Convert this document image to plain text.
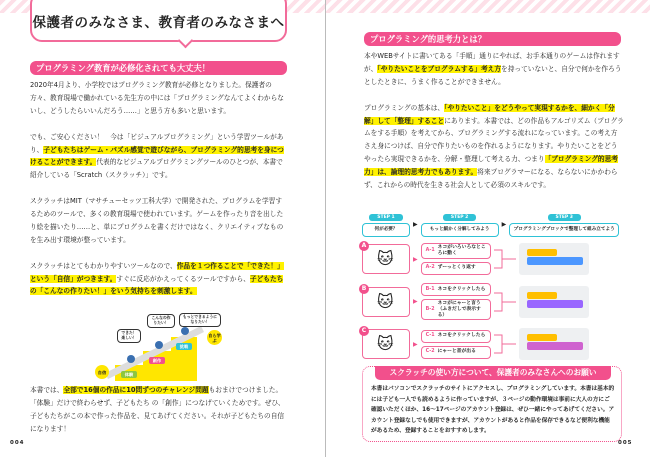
保護者のみなさま、教育者のみなさまへ
プログラミング教育が必修化されても大丈夫！

2020年4月より、小学校ではプログラミング教育が必修となりました。保護者の方々、教育現場で働かれている先生方の中には「プログラミングなんてよくわからないし、どうしたらいいんだろう……」と思う方も多いと思います。

でも、ご安心ください！　今は「ビジュアルプログラミング」という学習ツールがあり、子どもたちはゲーム・パズル感覚で遊びながら、プログラミング的思考を身につけることができます。代表的なビジュアルプログラミングツールのひとつが、本書で紹介している「Scratch（スクラッチ）」です。

スクラッチはMIT（マサチューセッツ工科大学）で開発された、プログラムを学習するためのツールで、多くの教育現場で使われています。ゲームを作ったり音を出したり絵を描いたり……と、単にプログラムを書くだけではなく、クリエイティブなものを生み出す環境が整っています。

スクラッチはとてもわかりやすいツールなので、作品を１つ作ることで「できた！」という「自信」がつきます。すぐに反応がかえってくるツールですから、子どもたちの「こんなの作りたい！」をいう気持ちを刺激します。

できた！楽しい！
こんなの作りたい！
もっとできるようになりたい！
体験
創作
挑戦
自信
自ら学ぶ

本書では、全部で16個の作品に10問ずつのチャレンジ問題もおまけでつけました。「体験」だけで終わらせず、子どもたち の「創作」につなげていくためです。ぜひ、子どもたちがこの本で作った作品を、見てあげてください。それが子どもたちの自信になります！

004
プログラミング的思考力とは？

本やWEBサイトに書いてある「手順」通りにやれば、お手本通りのゲームは作れますが、「やりたいことをプログラムする」考え方を持っていないと、自分で何かを作ろうとしたときに、うまく作ることができません。

プログラミングの基本は、「やりたいこと」をどうやって実現するかを、細かく「分解」して「整理」することにあります。本書では、どの作品もアルゴリズム（プログラムをする手順）を考えてから、プログラミングする流れになっています。この考え方さえ身につけば、自分で作りたいものを作れるようになります。やりたいことをどうやったら実現できるかを、分解・整理して考える力、つまり「プログラミング的思考力」は、論理的思考力でもあります。将来プログラマーになる、ならないにかかわらず、これからの時代を生きる社会人として必須のスキルです。

005
STEP 1
何が必要？
▶
STEP 2
もっと細かく分解してみよう
▶
STEP 3
プログラミングブロックで整理して組み立てよう
🐱
A
▶
A-1
ネコがいろいろなところに動く
A-2 ずーっとくり返す
🐱
B
▶
B-1 ネコをクリックしたら
B-2
ネコがにゃーと言う（ふきだしで表示する）
🐱
C
▶
C-1 ネコをクリックしたら
C-2 にゃーと音が出る
スクラッチの使い方について、保護者のみなさんへのお願い
本書はパソコンでスクラッチのサイトにアクセスし、プログラミングしています。本書は基本的には子ども一人でも読めるように作っていますが、３ページの動作環境は事前に大人の方にご確認いただくほか、16～17ページのアカウント登録は、ぜひ一緒にやってあげてください。アカウント登録なしでも使用できますが、アカウントがあると作品を保存できるなど便利な機能があるため、登録することをおすすめします。
